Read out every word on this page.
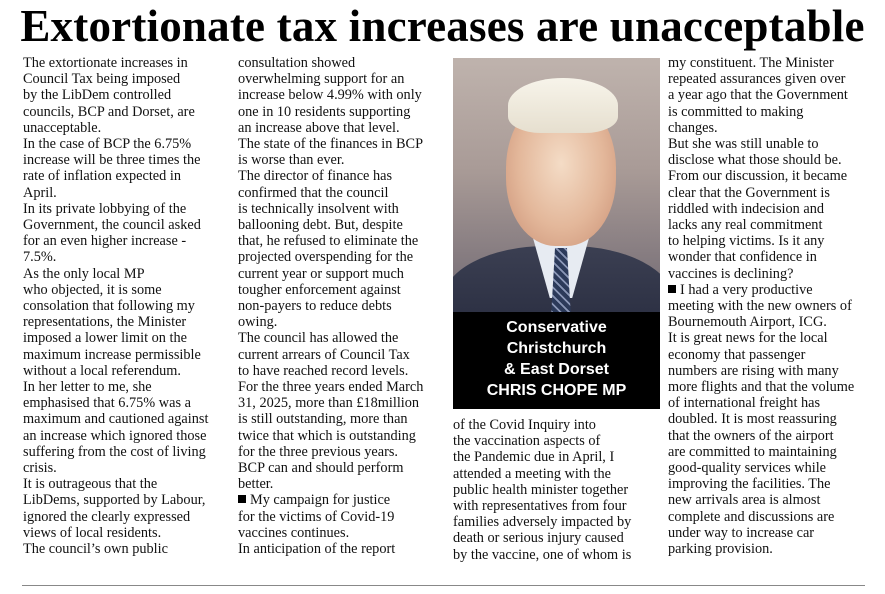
Extortionate tax increases are unacceptable

The extortionate increases in

Council Tax being imposed

by the LibDem controlled

councils, BCP and Dorset, are

unacceptable.

In the case of BCP the 6.75%

increase will be three times the

rate of inflation expected in

April.

In its private lobbying of the

Government, the council asked

for an even higher increase -

7.5%.

As the only local MP

who objected, it is some

consolation that following my

representations, the Minister

imposed a lower limit on the

maximum increase permissible

without a local referendum.

In her letter to me, she

emphasised that 6.75% was a

maximum and cautioned against

an increase which ignored those

suffering from the cost of living

crisis.

It is outrageous that the

LibDems, supported by Labour,

ignored the clearly expressed

views of local residents.

The council’s own public

consultation showed

overwhelming support for an

increase below 4.99% with only

one in 10 residents supporting

an increase above that level.

The state of the finances in BCP

is worse than ever.

The director of finance has

confirmed that the council

is technically insolvent with

ballooning debt. But, despite

that, he refused to eliminate the

projected overspending for the

current year or support much

tougher enforcement against

non-payers to reduce debts

owing.

The council has allowed the

current arrears of Council Tax

to have reached record levels.

For the three years ended March

31, 2025, more than £18million

is still outstanding, more than

twice that which is outstanding

for the three previous years.

BCP can and should perform

better.

My campaign for justice

for the victims of Covid-19

vaccines continues.

In anticipation of the report

Conservative
Christchurch
& East Dorset
CHRIS CHOPE MP

of the Covid Inquiry into

the vaccination aspects of

the Pandemic due in April, I

attended a meeting with the

public health minister together

with representatives from four

families adversely impacted by

death or serious injury caused

by the vaccine, one of whom is

my constituent. The Minister

repeated assurances given over

a year ago that the Government

is committed to making

changes.

But she was still unable to

disclose what those should be.

From our discussion, it became

clear that the Government is

riddled with indecision and

lacks any real commitment

to helping victims. Is it any

wonder that confidence in

vaccines is declining?

I had a very productive

meeting with the new owners of

Bournemouth Airport, ICG.

It is great news for the local

economy that passenger

numbers are rising with many

more flights and that the volume

of international freight has

doubled. It is most reassuring

that the owners of the airport

are committed to maintaining

good-quality services while

improving the facilities. The

new arrivals area is almost

complete and discussions are

under way to increase car

parking provision.
